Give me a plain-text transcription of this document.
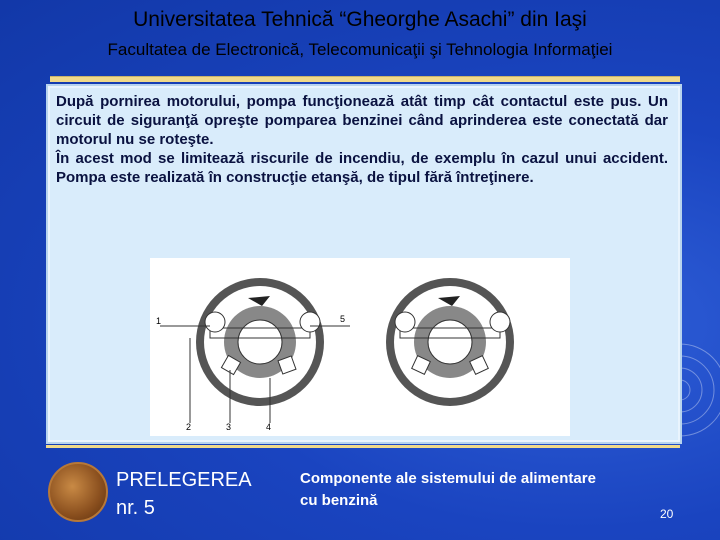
Universitatea Tehnică “Gheorghe Asachi” din Iaşi
Facultatea de Electronică, Telecomunicaţii şi Tehnologia Informaţiei
După pornirea motorului, pompa funcţionează atât timp cât contactul este pus. Un circuit de siguranţă opreşte pomparea benzinei când aprinderea este conectată dar motorul nu se roteşte.
În acest mod se limitează riscurile de incendiu, de exemplu în cazul unui accident. Pompa este realizată în construcţie etanşă, de tipul fără întreţinere.
1
2	3	4
5
PRELEGEREA
nr. 5
Componente ale sistemului de alimentare cu benzină
20
